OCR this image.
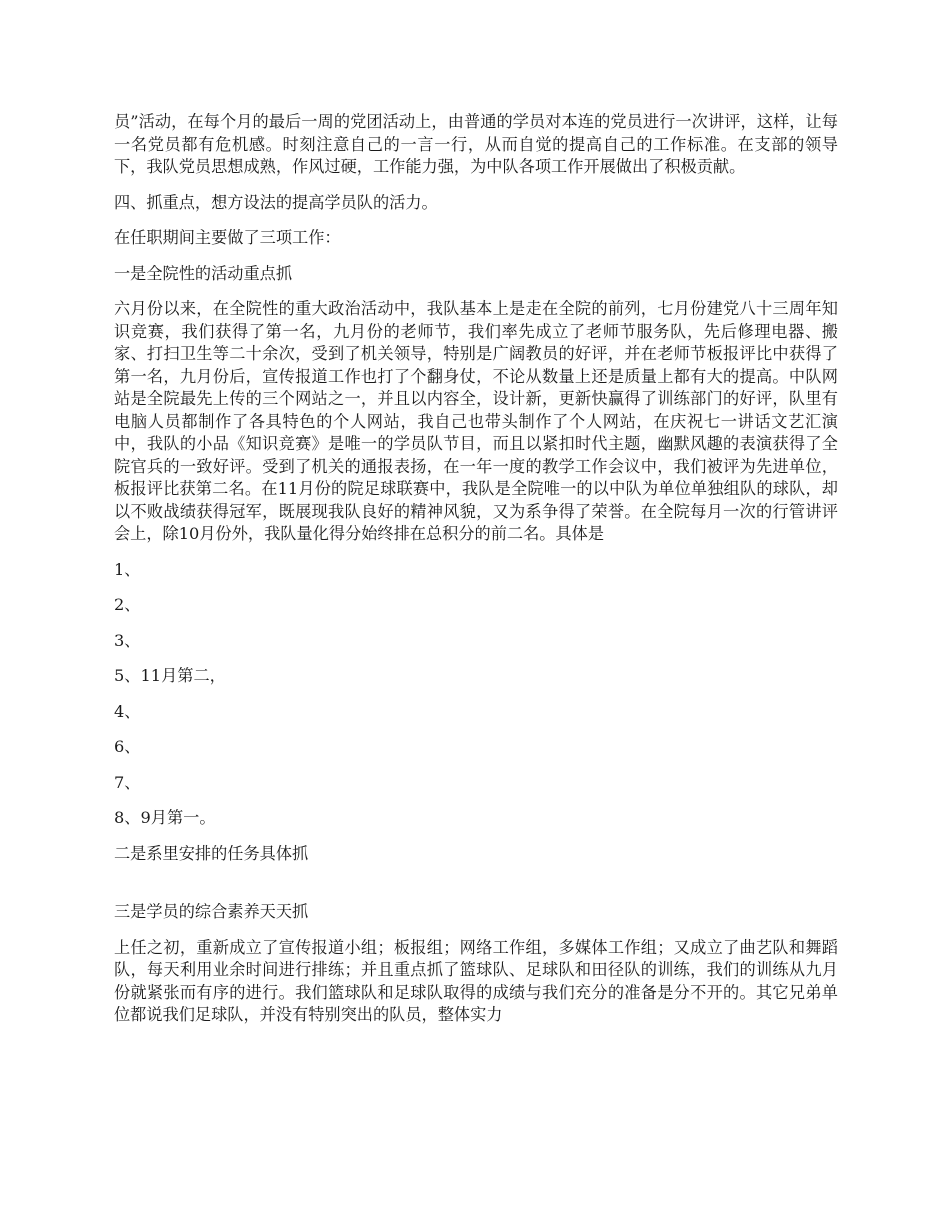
员”活动，在每个月的最后一周的党团活动上，由普通的学员对本连的党员进行一次讲评，这样，让每一名党员都有危机感。时刻注意自己的一言一行，从而自觉的提高自己的工作标准。在支部的领导下，我队党员思想成熟，作风过硬，工作能力强，为中队各项工作开展做出了积极贡献。

四、抓重点，想方设法的提高学员队的活力。

在任职期间主要做了三项工作：

一是全院性的活动重点抓

六月份以来，在全院性的重大政治活动中，我队基本上是走在全院的前列，七月份建党八十三周年知识竞赛，我们获得了第一名，九月份的老师节，我们率先成立了老师节服务队，先后修理电器、搬家、打扫卫生等二十余次，受到了机关领导，特别是广阔教员的好评，并在老师节板报评比中获得了第一名，九月份后，宣传报道工作也打了个翻身仗，不论从数量上还是质量上都有大的提高。中队网站是全院最先上传的三个网站之一，并且以内容全，设计新，更新快赢得了训练部门的好评，队里有电脑人员都制作了各具特色的个人网站，我自己也带头制作了个人网站，在庆祝七一讲话文艺汇演中，我队的小品《知识竞赛》是唯一的学员队节目，而且以紧扣时代主题，幽默风趣的表演获得了全院官兵的一致好评。受到了机关的通报表扬，在一年一度的教学工作会议中，我们被评为先进单位，板报评比获第二名。在11月份的院足球联赛中，我队是全院唯一的以中队为单位单独组队的球队，却以不败战绩获得冠军，既展现我队良好的精神风貌，又为系争得了荣誉。在全院每月一次的行管讲评会上，除10月份外，我队量化得分始终排在总积分的前二名。具体是

1、

2、

3、

5、11月第二，

4、

6、

7、

8、9月第一。

二是系里安排的任务具体抓

三是学员的综合素养天天抓

上任之初，重新成立了宣传报道小组；板报组；网络工作组，多媒体工作组；又成立了曲艺队和舞蹈队，每天利用业余时间进行排练；并且重点抓了篮球队、足球队和田径队的训练，我们的训练从九月份就紧张而有序的进行。我们篮球队和足球队取得的成绩与我们充分的准备是分不开的。其它兄弟单位都说我们足球队，并没有特别突出的队员，整体实力
